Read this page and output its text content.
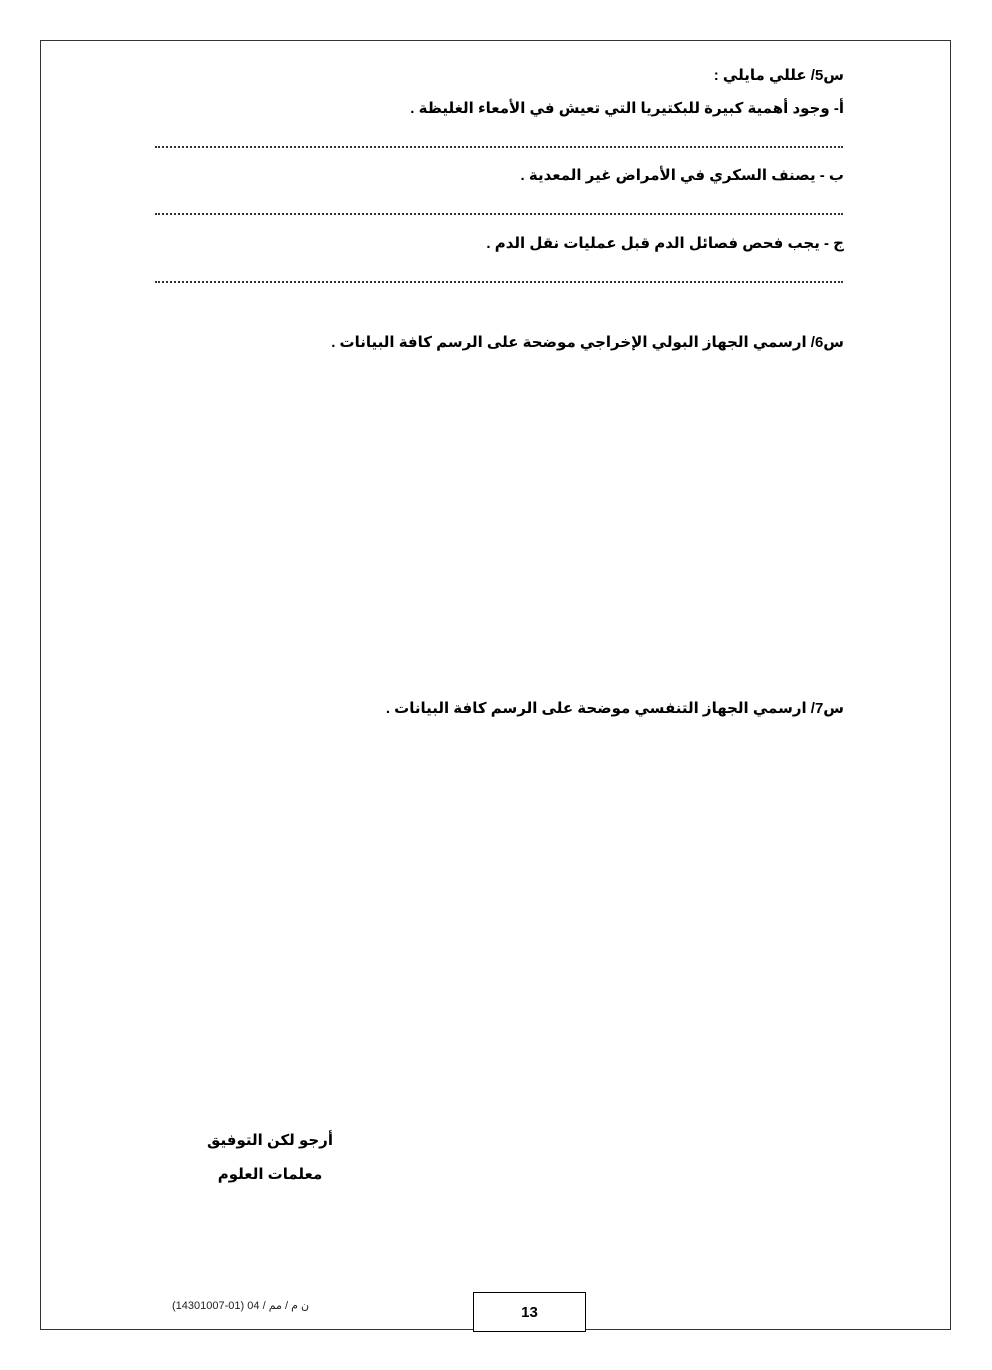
س5/ عللي مايلي :
أ- وجود أهمية كبيرة للبكتيريا التي تعيش في الأمعاء الغليظة .
ب - يصنف السكري في الأمراض غير المعدية .
ج - يجب فحص فصائل الدم قبل عمليات نقل الدم .
س6/ ارسمي الجهاز البولي الإخراجي موضحة على الرسم كافة البيانات .
س7/ ارسمي الجهاز التنفسي موضحة على الرسم كافة البيانات .
أرجو لكن التوفيق
معلمات العلوم
ن م / مم / 04 (01-14301007)	13
